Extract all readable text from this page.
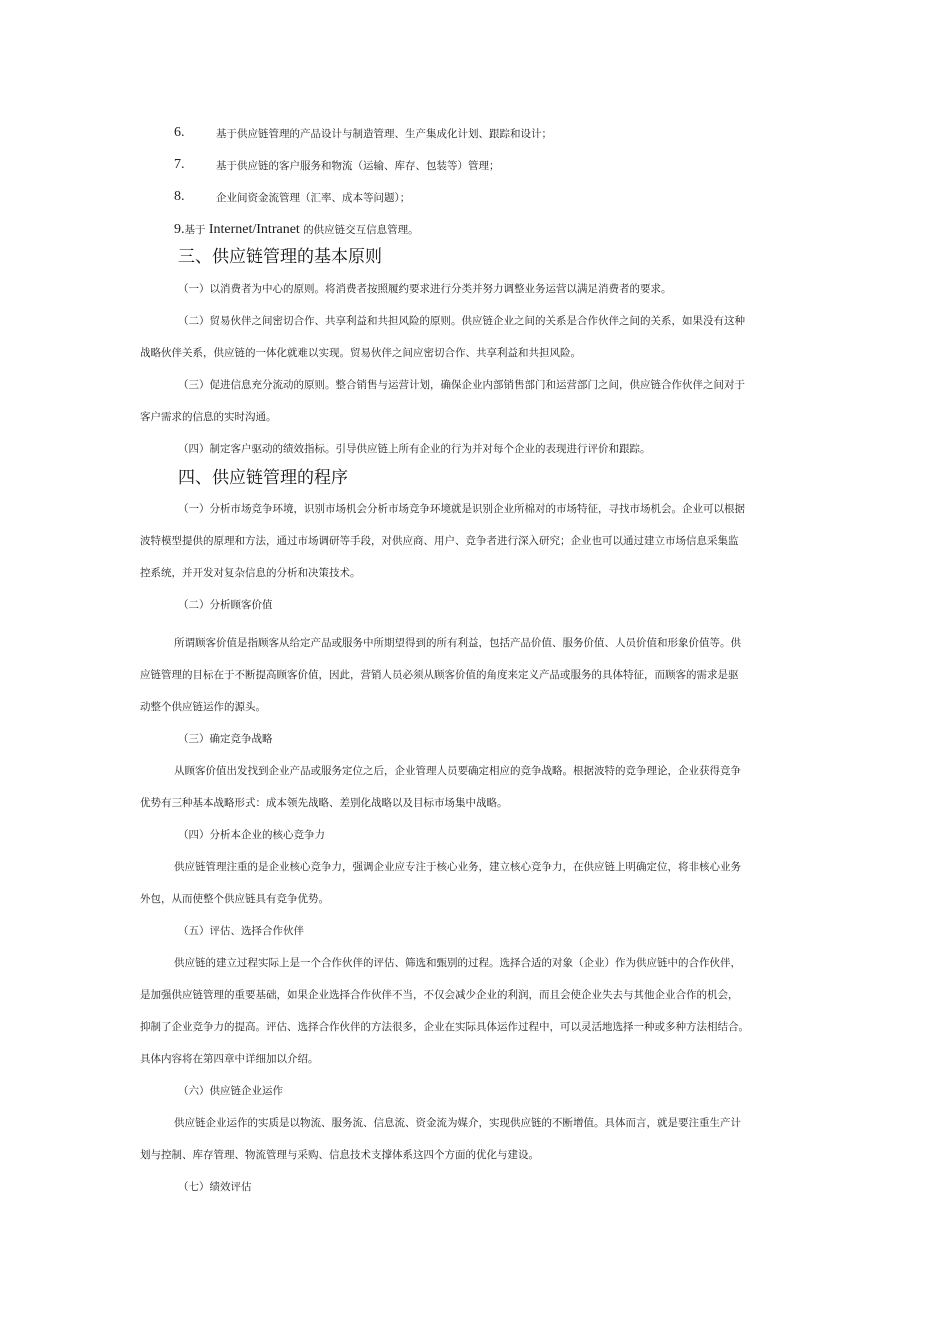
6.	基于供应链管理的产品设计与制造管理、生产集成化计划、跟踪和设计；
7.	基于供应链的客户服务和物流（运输、库存、包装等）管理；
8.	企业间资金流管理（汇率、成本等问题）；
9.基于 Internet/Intranet 的供应链交互信息管理。
三、供应链管理的基本原则
（一）以消费者为中心的原则。将消费者按照履约要求进行分类并努力调整业务运营以满足消费者的要求。
（二）贸易伙伴之间密切合作、共享利益和共担风险的原则。供应链企业之间的关系是合作伙伴之间的关系，如果没有这种
战略伙伴关系，供应链的一体化就难以实现。贸易伙伴之间应密切合作、共享利益和共担风险。
（三）促进信息充分流动的原则。整合销售与运营计划，确保企业内部销售部门和运营部门之间，供应链合作伙伴之间对于
客户需求的信息的实时沟通。
（四）制定客户驱动的绩效指标。引导供应链上所有企业的行为并对每个企业的表现进行评价和跟踪。
四、供应链管理的程序
（一）分析市场竞争环境，识别市场机会分析市场竞争环境就是识别企业所棉对的市场特征，寻找市场机会。企业可以根据
波特模型提供的原理和方法，通过市场调研等手段，对供应商、用户、竞争者进行深入研究；企业也可以通过建立市场信息采集监
控系统，并开发对复杂信息的分析和决策技术。
（二）分析顾客价值
所谓顾客价值是指顾客从给定产品或服务中所期望得到的所有利益，包括产品价值、服务价值、人员价值和形象价值等。供
应链管理的目标在于不断提高顾客价值，因此，营销人员必须从顾客价值的角度来定义产品或服务的具体特征，而顾客的需求是驱
动整个供应链运作的源头。
（三）确定竞争战略
从顾客价值出发找到企业产品或服务定位之后，企业管理人员要确定相应的竞争战略。根据波特的竞争理论，企业获得竞争
优势有三种基本战略形式：成本领先战略、差别化战略以及目标市场集中战略。
（四）分析本企业的核心竞争力
供应链管理注重的是企业核心竞争力，强调企业应专注于核心业务，建立核心竞争力，在供应链上明确定位，将非核心业务
外包，从而使整个供应链具有竞争优势。
（五）评估、选择合作伙伴
供应链的建立过程实际上是一个合作伙伴的评估、筛选和甄别的过程。选择合适的对象（企业）作为供应链中的合作伙伴，
是加强供应链管理的重要基础，如果企业选择合作伙伴不当，不仅会减少企业的利润，而且会使企业失去与其他企业合作的机会，
抑制了企业竞争力的提高。评估、选择合作伙伴的方法很多，企业在实际具体运作过程中，可以灵活地选择一种或多种方法相结合。
具体内容将在第四章中详细加以介绍。
（六）供应链企业运作
供应链企业运作的实质是以物流、服务流、信息流、资金流为媒介，实现供应链的不断增值。具体而言，就是要注重生产计
划与控制、库存管理、物流管理与采购、信息技术支撑体系这四个方面的优化与建设。
（七）绩效评估
